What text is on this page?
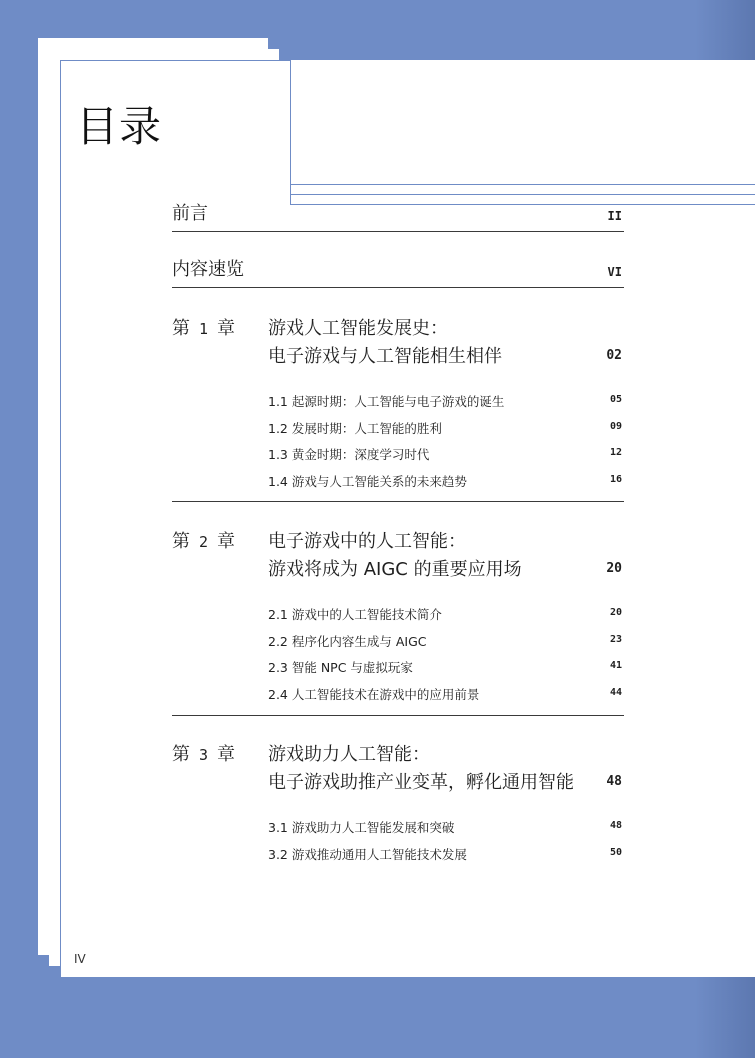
目录
前言	II
内容速览	VI
第 1 章 游戏人工智能发展史：
电子游戏与人工智能相生相伴	02
1.1 起源时期：人工智能与电子游戏的诞生	05
1.2 发展时期：人工智能的胜利	09
1.3 黄金时期：深度学习时代	12
1.4 游戏与人工智能关系的未来趋势	16
第 2 章 电子游戏中的人工智能：
游戏将成为 AIGC 的重要应用场	20
2.1 游戏中的人工智能技术简介	20
2.2 程序化内容生成与 AIGC	23
2.3 智能 NPC 与虚拟玩家	41
2.4 人工智能技术在游戏中的应用前景	44
第 3 章 游戏助力人工智能：
电子游戏助推产业变革，孵化通用智能 48
3.1 游戏助力人工智能发展和突破	48
3.2 游戏推动通用人工智能技术发展	50
IV
